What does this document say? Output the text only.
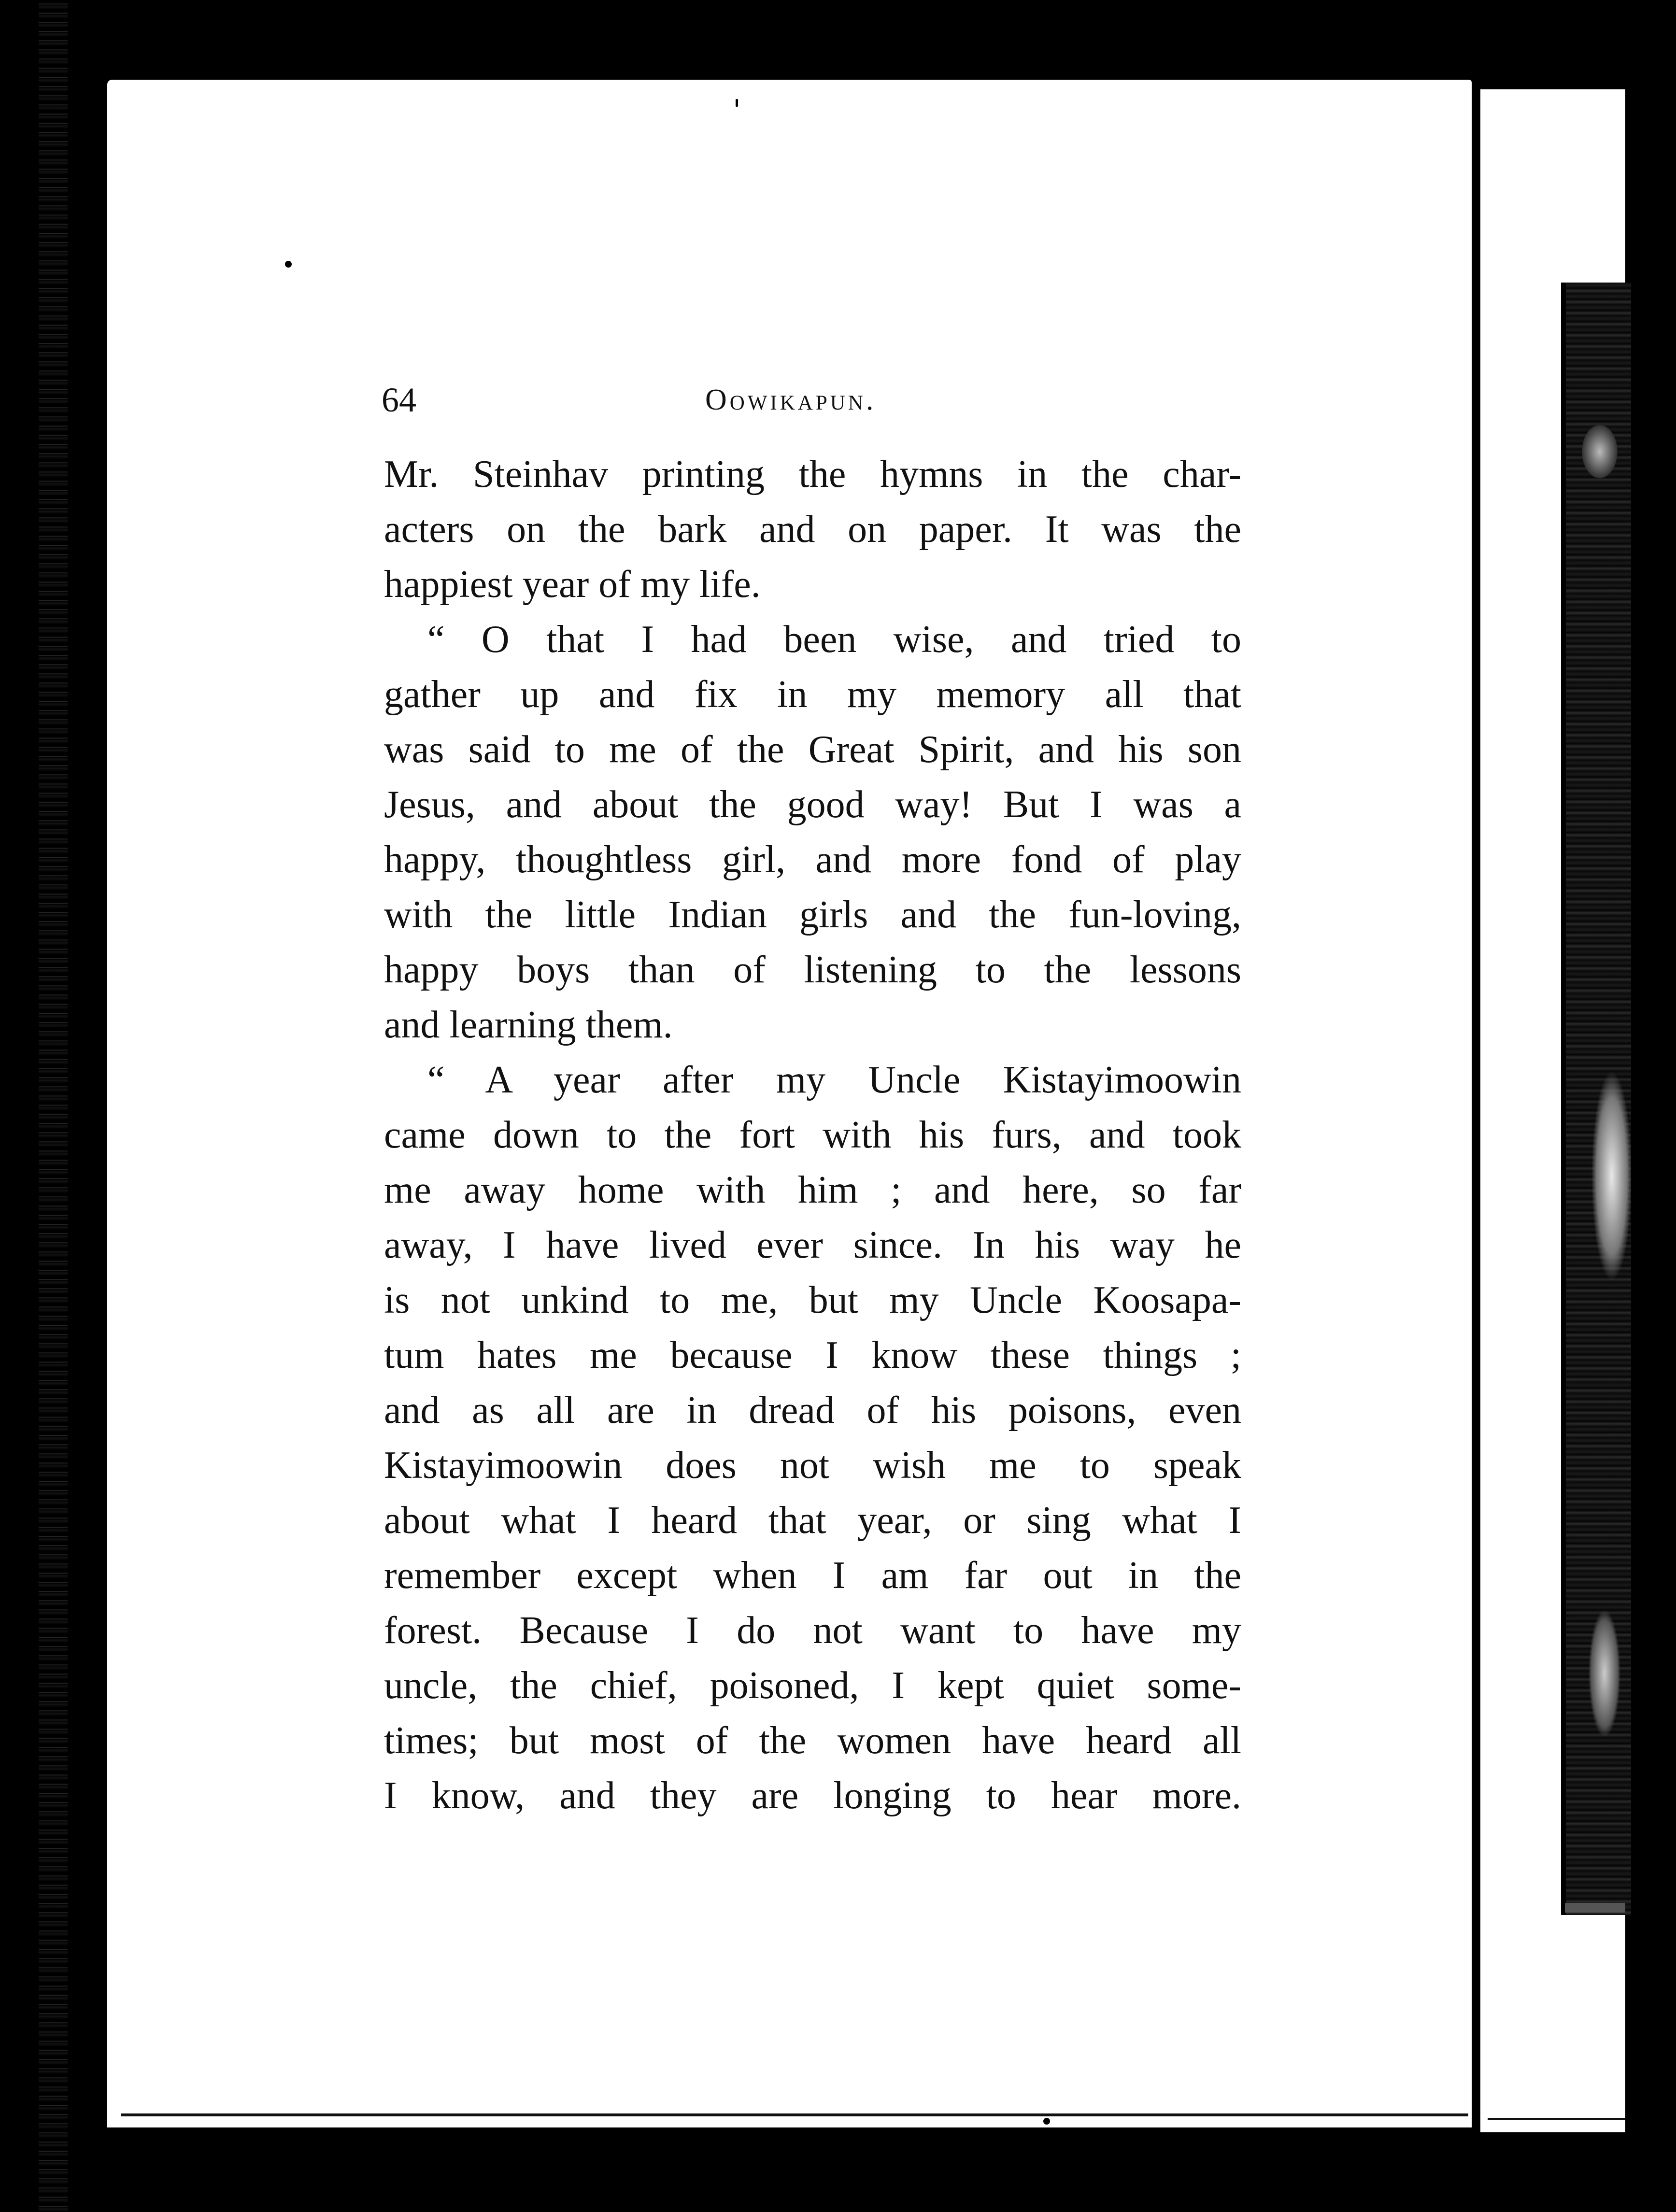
64	Oowikapun.
Mr. Steinhav printing the hymns in the char-
acters on the bark and on paper. It was the
happiest year of my life.
“ O that I had been wise, and tried to
gather up and fix in my memory all that
was said to me of the Great Spirit, and his son
Jesus, and about the good way! But I was a
happy, thoughtless girl, and more fond of play
with the little Indian girls and the fun-loving,
happy boys than of listening to the lessons
and learning them.
“ A year after my Uncle Kistayimoowin
came down to the fort with his furs, and took
me away home with him ; and here, so far
away, I have lived ever since. In his way he
is not unkind to me, but my Uncle Koosapa-
tum hates me because I know these things ;
and as all are in dread of his poisons, even
Kistayimoowin does not wish me to speak
about what I heard that year, or sing what I
remember except when I am far out in the
forest. Because I do not want to have my
uncle, the chief, poisoned, I kept quiet some-
times; but most of the women have heard all
I know, and they are longing to hear more.
